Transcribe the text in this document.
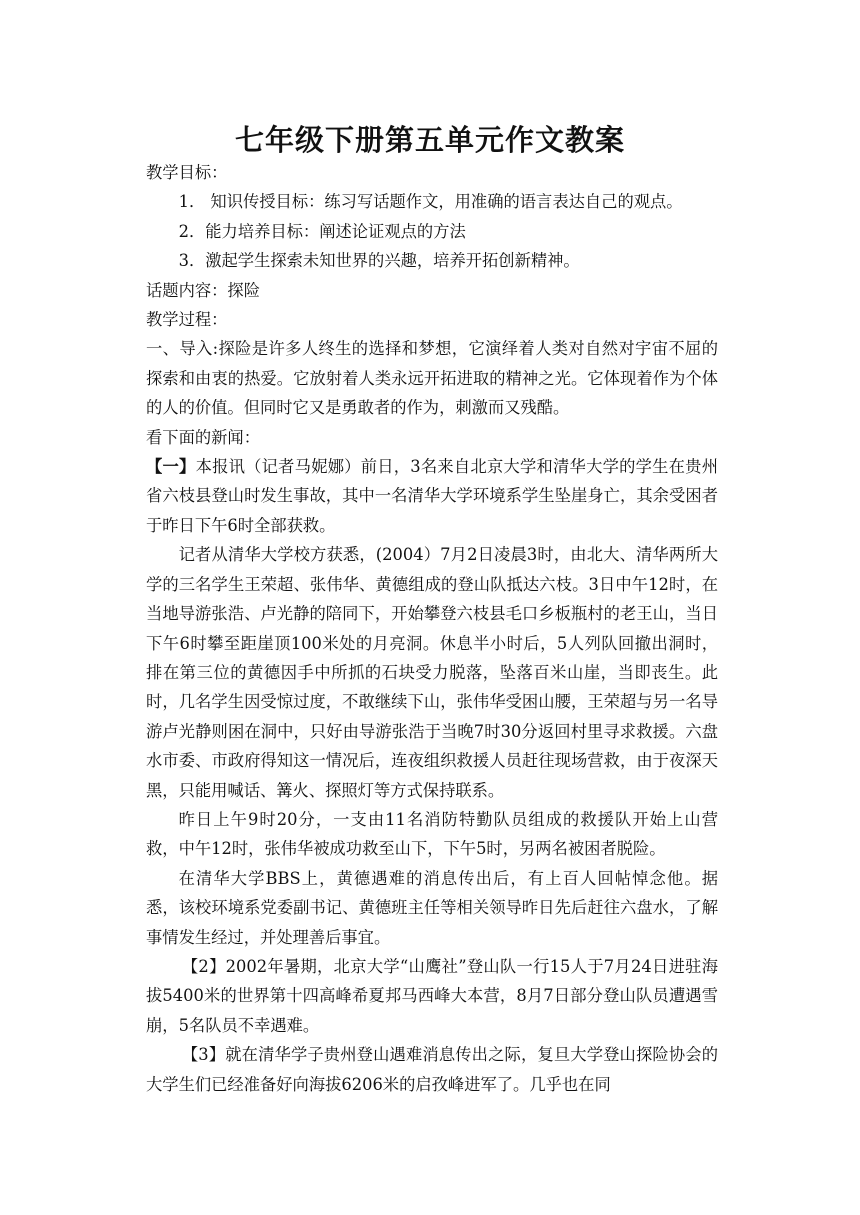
七年级下册第五单元作文教案

教学目标：

1． 知识传授目标：练习写话题作文，用准确的语言表达自己的观点。

2．能力培养目标：阐述论证观点的方法

3．激起学生探索未知世界的兴趣，培养开拓创新精神。

话题内容：探险

教学过程：

一、导入:探险是许多人终生的选择和梦想，它演绎着人类对自然对宇宙不屈的探索和由衷的热爱。它放射着人类永远开拓进取的精神之光。它体现着作为个体的人的价值。但同时它又是勇敢者的作为，刺激而又残酷。

看下面的新闻：

【一】本报讯（记者马妮娜）前日，3名来自北京大学和清华大学的学生在贵州省六枝县登山时发生事故，其中一名清华大学环境系学生坠崖身亡，其余受困者于昨日下午6时全部获救。

记者从清华大学校方获悉，(2004）7月2日凌晨3时，由北大、清华两所大学的三名学生王荣超、张伟华、黄德组成的登山队抵达六枝。3日中午12时，在当地导游张浩、卢光静的陪同下，开始攀登六枝县毛口乡板瓶村的老王山，当日下午6时攀至距崖顶100米处的月亮洞。休息半小时后，5人列队回撤出洞时，排在第三位的黄德因手中所抓的石块受力脱落，坠落百米山崖，当即丧生。此时，几名学生因受惊过度，不敢继续下山，张伟华受困山腰，王荣超与另一名导游卢光静则困在洞中，只好由导游张浩于当晚7时30分返回村里寻求救援。六盘水市委、市政府得知这一情况后，连夜组织救援人员赶往现场营救，由于夜深天黑，只能用喊话、篝火、探照灯等方式保持联系。

昨日上午9时20分，一支由11名消防特勤队员组成的救援队开始上山营救，中午12时，张伟华被成功救至山下，下午5时，另两名被困者脱险。

在清华大学BBS上，黄德遇难的消息传出后，有上百人回帖悼念他。据悉，该校环境系党委副书记、黄德班主任等相关领导昨日先后赶往六盘水，了解事情发生经过，并处理善后事宜。

【2】2002年暑期，北京大学“山鹰社”登山队一行15人于7月24日进驻海拔5400米的世界第十四高峰希夏邦马西峰大本营，8月7日部分登山队员遭遇雪崩，5名队员不幸遇难。

【3】就在清华学子贵州登山遇难消息传出之际，复旦大学登山探险协会的大学生们已经准备好向海拔6206米的启孜峰进军了。几乎也在同
